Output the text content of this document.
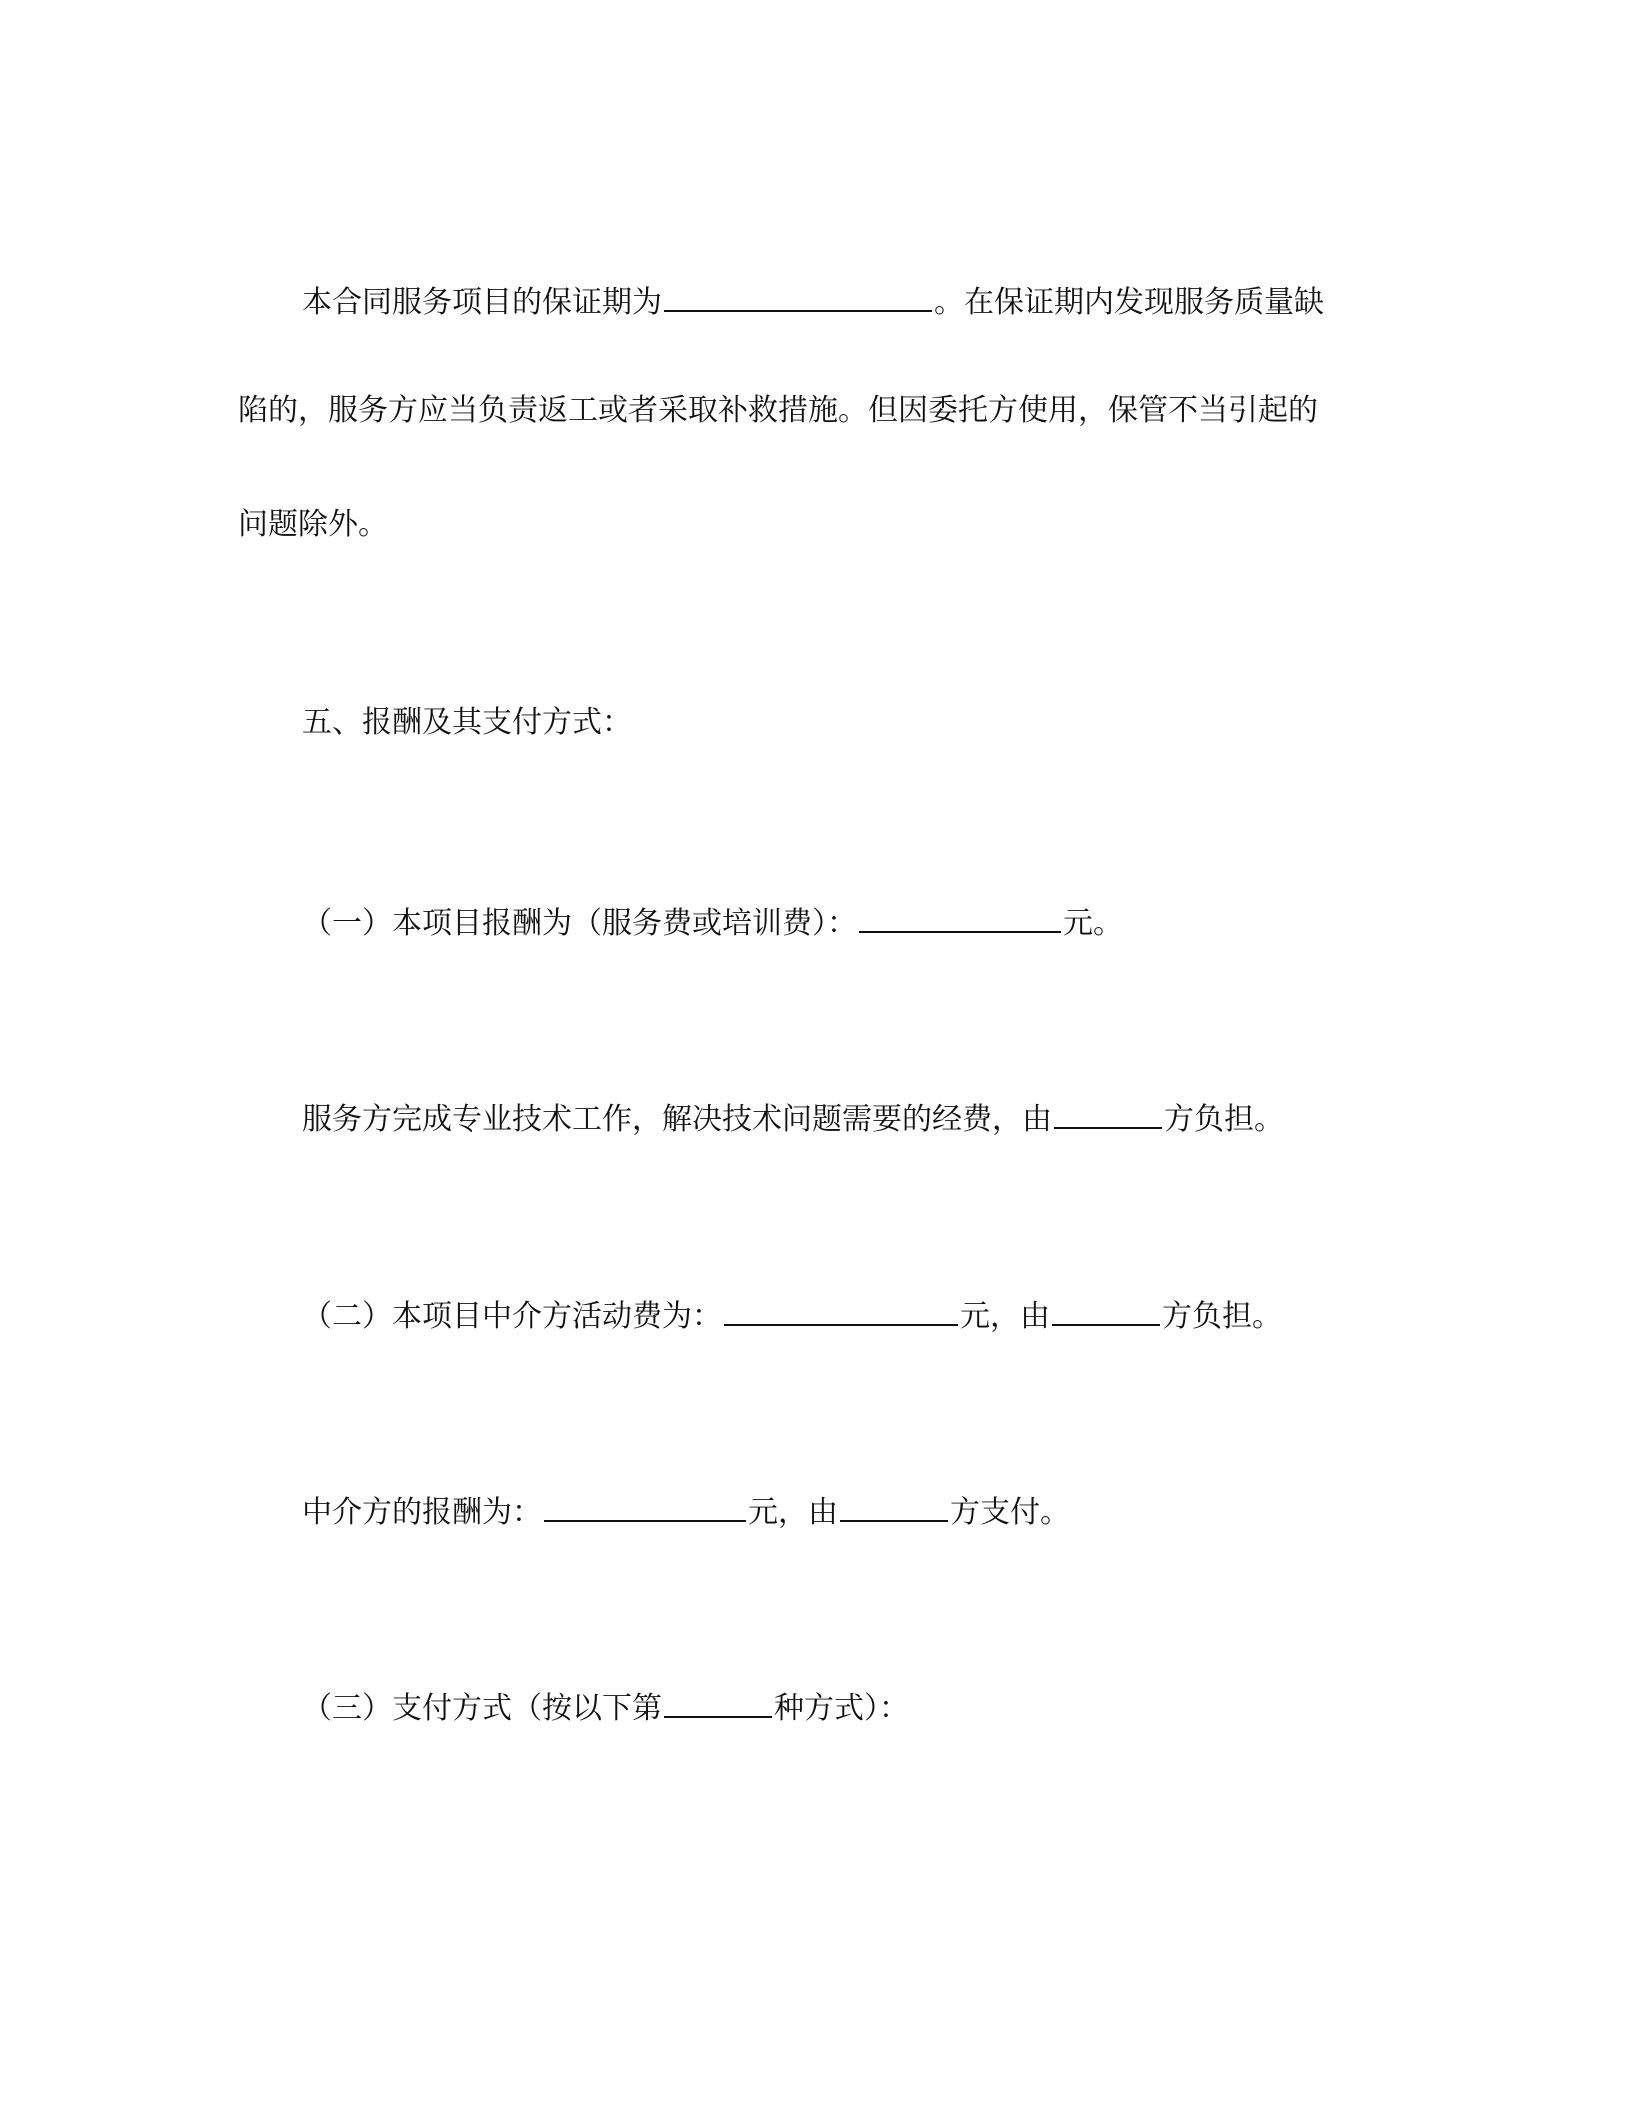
本合同服务项目的保证期为	。在保证期内发现服务质量缺
陷的，服务方应当负责返工或者采取补救措施。但因委托方使用，保管不当引起的
问题除外。
五、报酬及其支付方式：
（一）本项目报酬为（服务费或培训费）：	元。
服务方完成专业技术工作，解决技术问题需要的经费，由	方负担。
（二）本项目中介方活动费为：	元，由	方负担。
中介方的报酬为：	元，由	方支付。
（三）支付方式（按以下第	种方式）：
